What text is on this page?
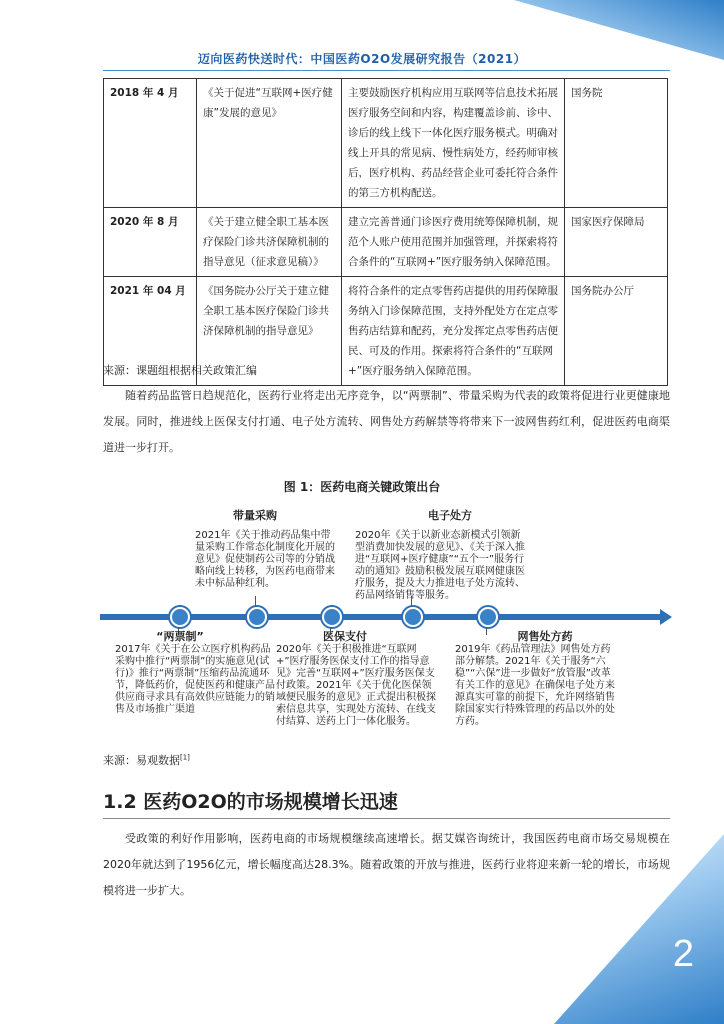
迈向医药快送时代：中国医药O2O发展研究报告（2021）
2018 年 4 月	《关于促进“互联网+医疗健康”发展的意见》	主要鼓励医疗机构应用互联网等信息技术拓展医疗服务空间和内容，构建覆盖诊前、诊中、诊后的线上线下一体化医疗服务模式。明确对线上开具的常见病、慢性病处方，经药师审核后，医疗机构、药品经营企业可委托符合条件的第三方机构配送。	国务院
2020 年 8 月	《关于建立健全职工基本医疗保险门诊共济保障机制的指导意见（征求意见稿）》	建立完善普通门诊医疗费用统筹保障机制，规范个人账户使用范围并加强管理，并探索将符合条件的“互联网+”医疗服务纳入保障范围。	国家医疗保障局
2021 年 04 月	《国务院办公厅关于建立健全职工基本医疗保险门诊共济保障机制的指导意见》	将符合条件的定点零售药店提供的用药保障服务纳入门诊保障范围，支持外配处方在定点零售药店结算和配药，充分发挥定点零售药店便民、可及的作用。探索将符合条件的“互联网+”医疗服务纳入保障范围。	国务院办公厅
来源：课题组根据相关政策汇编

随着药品监管日趋规范化，医药行业将走出无序竞争，以“两票制”、带量采购为代表的政策将促进行业更健康地发展。同时，推进线上医保支付打通、电子处方流转、网售处方药解禁等将带来下一波网售药红利，促进医药电商渠道进一步打开。

图 1：医药电商关键政策出台
“两票制”
2017年《关于在公立医疗机构药品采购中推行“两票制”的实施意见(试行)》推行“两票制”压缩药品流通环节，降低药价，促使医药和健康产品供应商寻求具有高效供应链能力的销售及市场推广渠道
带量采购
2021年《关于推动药品集中带量采购工作常态化制度化开展的意见》促使制药公司等的分销战略向线上转移，为医药电商带来未中标品种红利。
医保支付
2020年《关于积极推进“互联网+”医疗服务医保支付工作的指导意见》完善“互联网+”医疗服务医保支付政策。2021年《关于优化医保领域便民服务的意见》正式提出积极探索信息共享，实现处方流转、在线支付结算、送药上门一体化服务。
电子处方
2020年《关于以新业态新模式引领新型消费加快发展的意见》、《关于深入推进“互联网+医疗健康”“五个一”服务行动的通知》鼓励积极发展互联网健康医疗服务，提及大力推进电子处方流转、药品网络销售等服务。
网售处方药
2019年《药品管理法》网售处方药部分解禁。2021年《关于服务“六稳”“六保”进一步做好“放管服”改革有关工作的意见》在确保电子处方来源真实可靠的前提下，允许网络销售除国家实行特殊管理的药品以外的处方药。
来源：易观数据[1]
1.2 医药O2O的市场规模增长迅速

受政策的利好作用影响，医药电商的市场规模继续高速增长。据艾媒咨询统计，我国医药电商市场交易规模在2020年就达到了1956亿元，增长幅度高达28.3%。随着政策的开放与推进，医药行业将迎来新一轮的增长，市场规模将进一步扩大。

2
